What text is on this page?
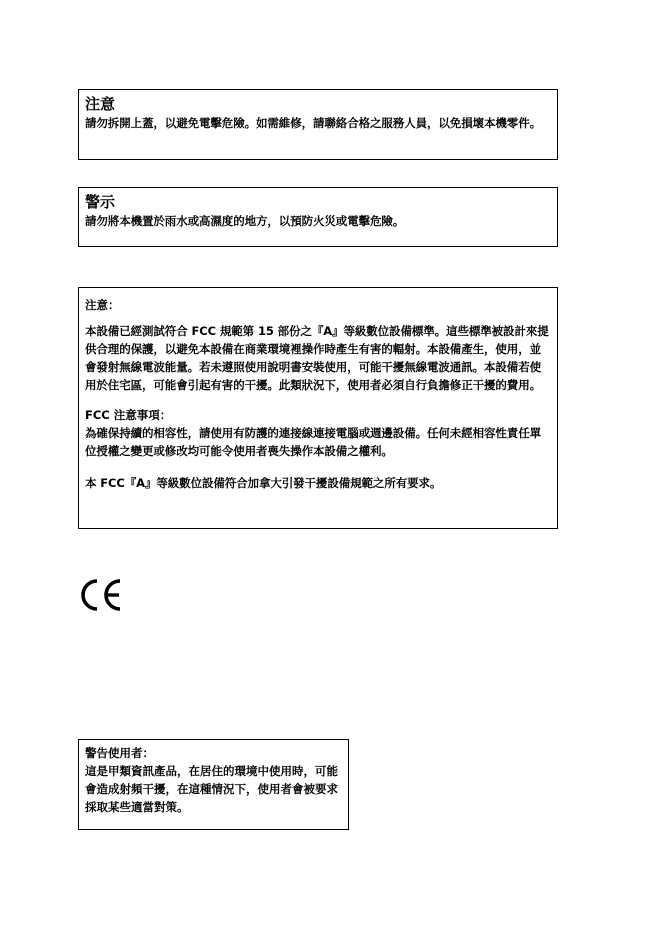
注意

請勿拆開上蓋，以避免電擊危險。如需維修，請聯絡合格之服務人員，以免損壞本機零件。

警示

請勿將本機置於雨水或高濕度的地方，以預防火災或電擊危險。

注意：

本設備已經測試符合 FCC 規範第 15 部份之『A』等級數位設備標準。這些標準被設計來提供合理的保護，以避免本設備在商業環境裡操作時產生有害的輻射。本設備產生，使用，並會發射無線電波能量。若未遵照使用說明書安裝使用，可能干擾無線電波通訊。本設備若使用於住宅區，可能會引起有害的干擾。此類狀況下，使用者必須自行負擔修正干擾的費用。

FCC 注意事項：

為確保持續的相容性，請使用有防護的連接線連接電腦或週邊設備。任何未經相容性責任單位授權之變更或修改均可能令使用者喪失操作本設備之權利。

本 FCC『A』等級數位設備符合加拿大引發干擾設備規範之所有要求。

警告使用者：

這是甲類資訊產品，在居住的環境中使用時，可能會造成射頻干擾，在這種情況下，使用者會被要求採取某些適當對策。
